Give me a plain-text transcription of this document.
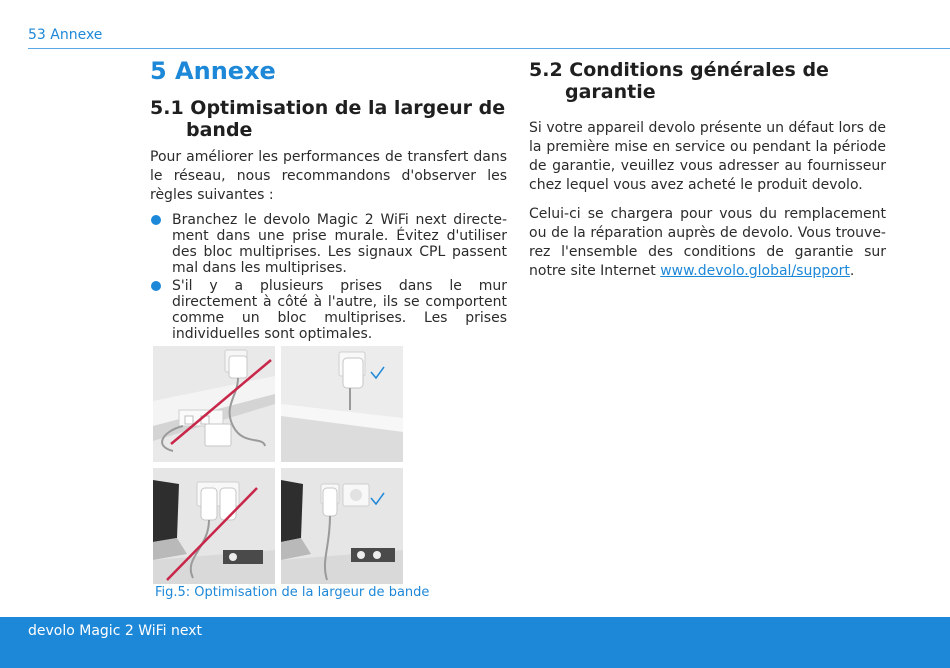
53 Annexe
5 Annexe
5.1 Optimisation de la largeur de
bande
Pour améliorer les performances de transfert dans le réseau, nous recommandons d'observer les règles suivantes :
Branchez le devolo Magic 2 WiFi next directe-ment dans une prise murale. Évitez d'utiliser des bloc multiprises. Les signaux CPL passent mal dans les multiprises.
S'il y a plusieurs prises dans le mur directement à côté à l'autre, ils se comportent comme un bloc multiprises. Les prises individuelles sont optimales.
Fig.5: Optimisation de la largeur de bande
5.2 Conditions générales de
garantie
Si votre appareil devolo présente un défaut lors de la première mise en service ou pendant la période de garantie, veuillez vous adresser au fournisseur chez lequel vous avez acheté le produit devolo.
Celui-ci se chargera pour vous du remplacement ou de la réparation auprès de devolo. Vous trouve-rez l'ensemble des conditions de garantie sur notre site Internet www.devolo.global/support.
devolo Magic 2 WiFi next
